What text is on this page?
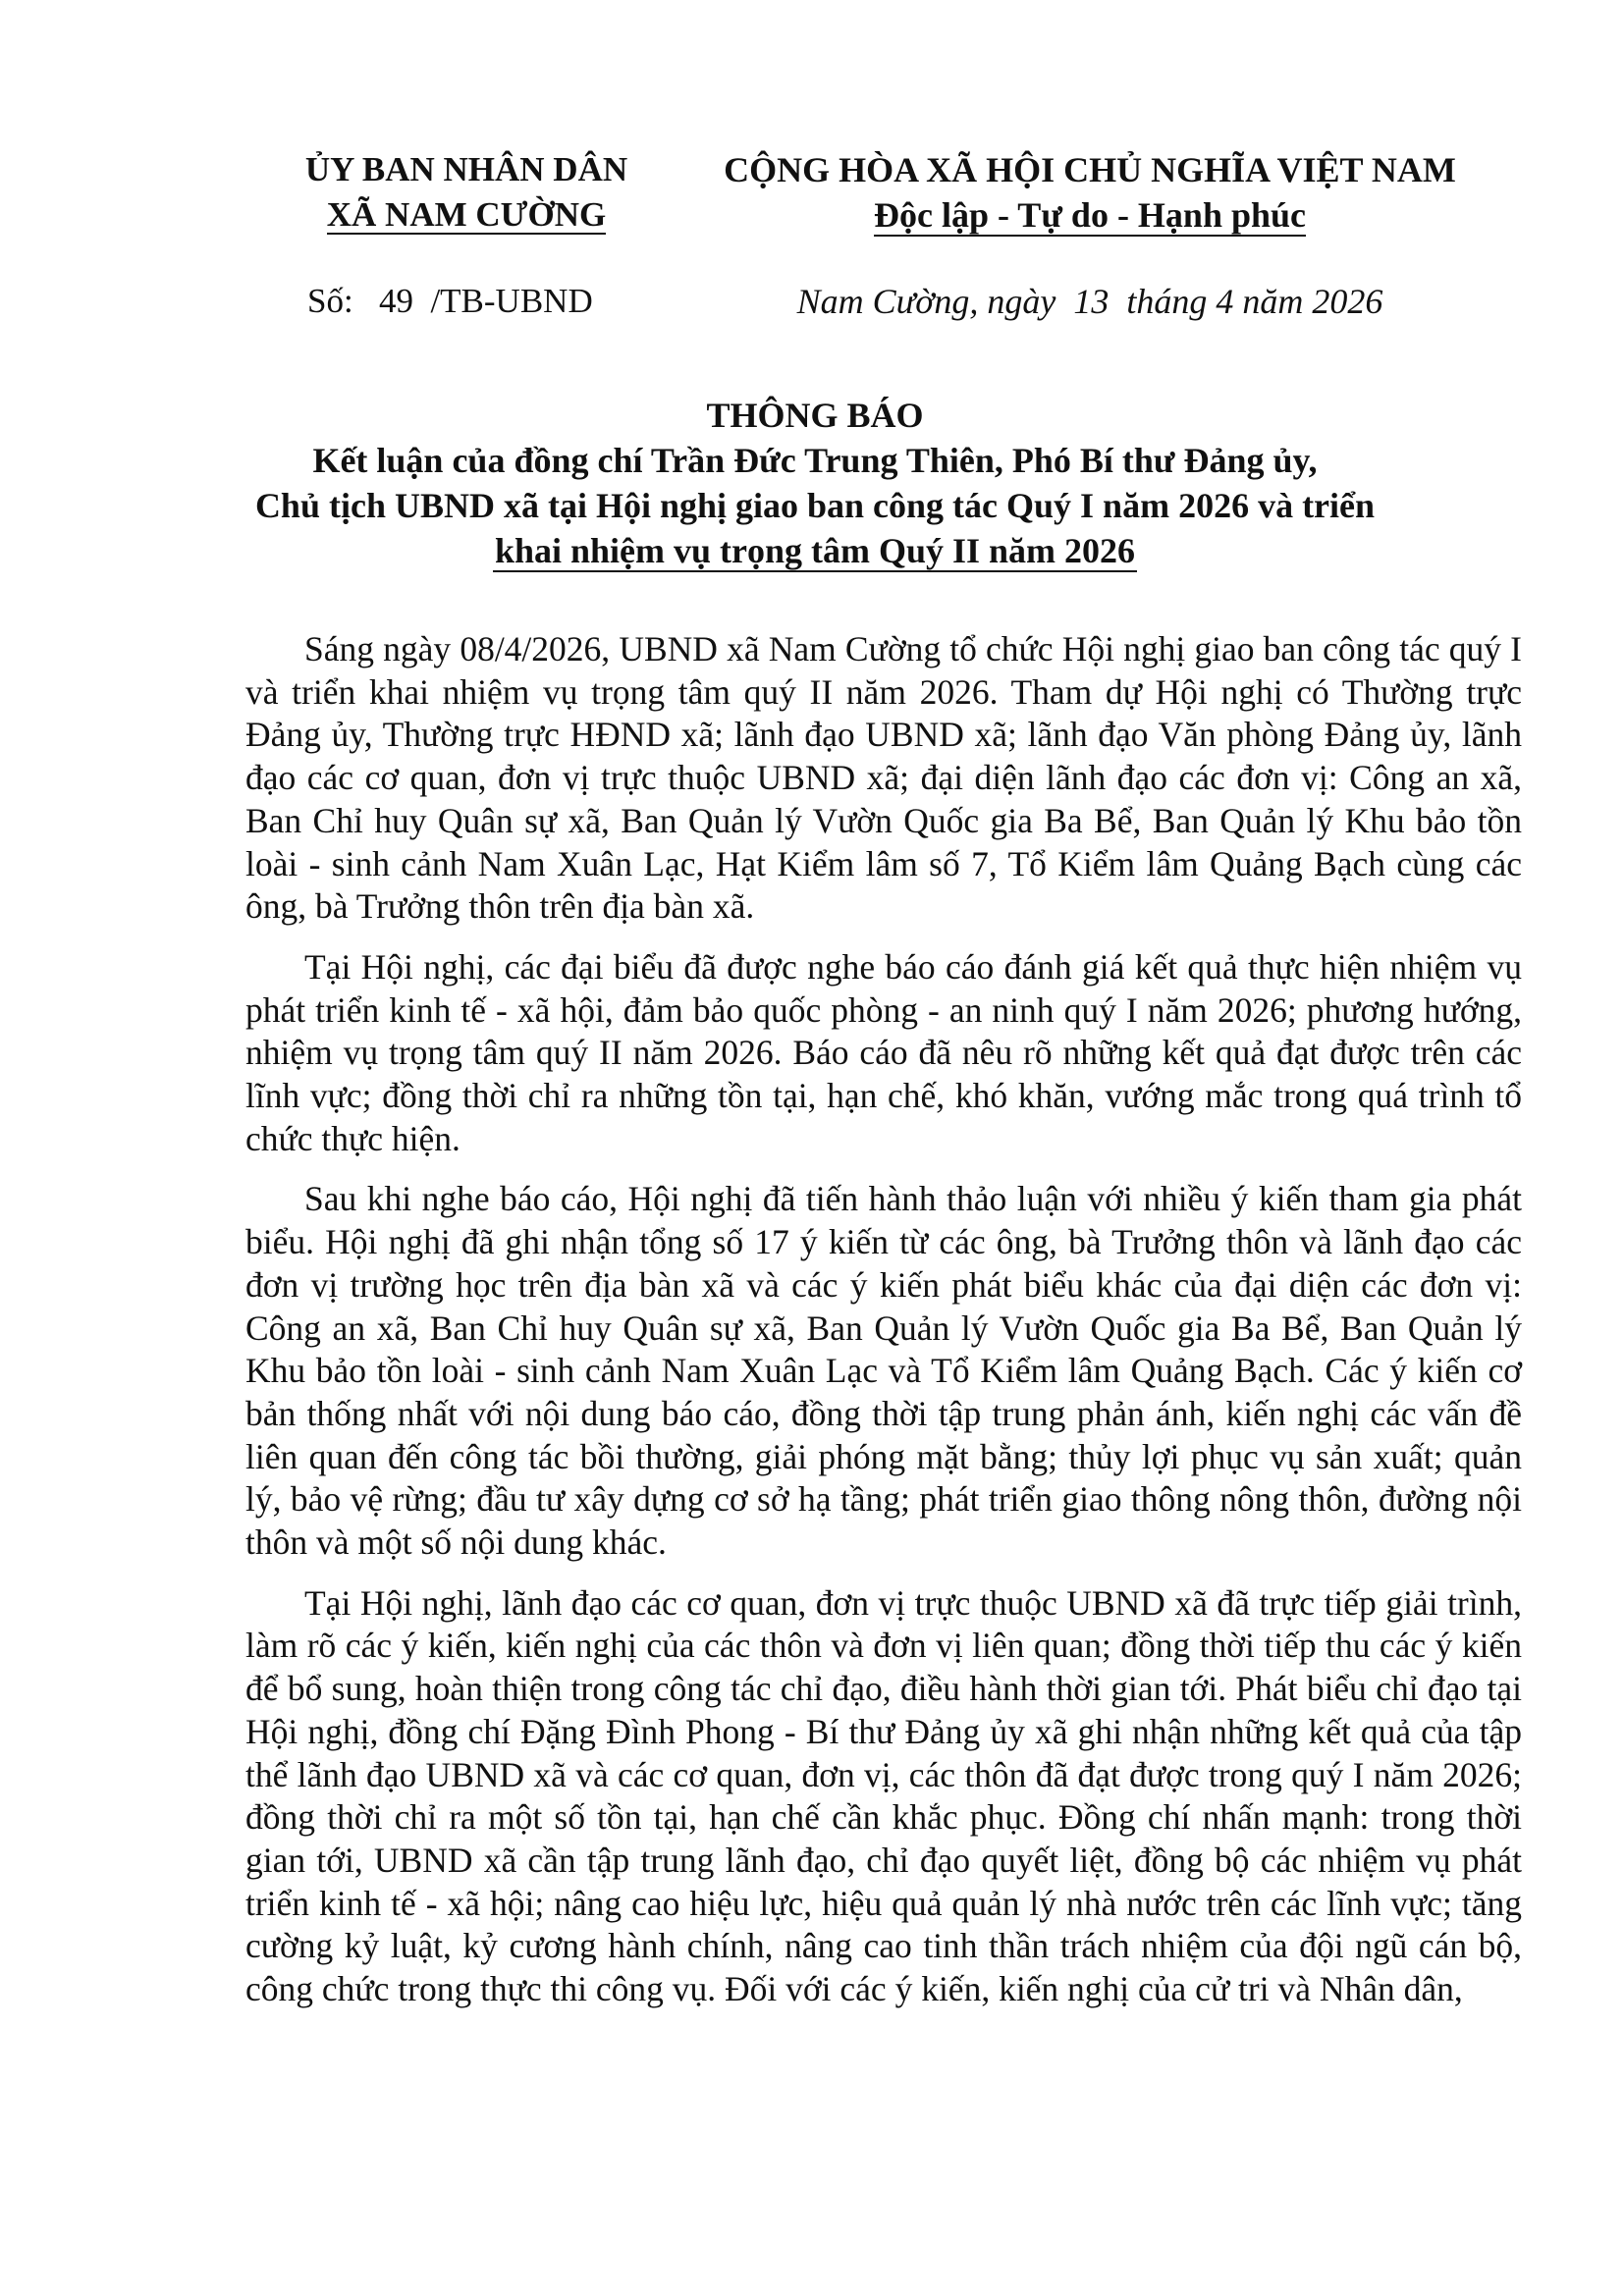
ỦY BAN NHÂN DÂN
XÃ NAM CƯỜNG
CỘNG HÒA XÃ HỘI CHỦ NGHĨA VIỆT NAM
Độc lập - Tự do - Hạnh phúc
Số:   49  /TB-UBND	Nam Cường, ngày  13  tháng 4 năm 2026
THÔNG BÁO
Kết luận của đồng chí Trần Đức Trung Thiên, Phó Bí thư Đảng ủy,
Chủ tịch UBND xã tại Hội nghị giao ban công tác Quý I năm 2026 và triển
khai nhiệm vụ trọng tâm Quý II năm 2026

Sáng ngày 08/4/2026, UBND xã Nam Cường tổ chức Hội nghị giao ban công tác quý I và triển khai nhiệm vụ trọng tâm quý II năm 2026. Tham dự Hội nghị có Thường trực Đảng ủy, Thường trực HĐND xã; lãnh đạo UBND xã; lãnh đạo Văn phòng Đảng ủy, lãnh đạo các cơ quan, đơn vị trực thuộc UBND xã; đại diện lãnh đạo các đơn vị: Công an xã, Ban Chỉ huy Quân sự xã, Ban Quản lý Vườn Quốc gia Ba Bể, Ban Quản lý Khu bảo tồn loài - sinh cảnh Nam Xuân Lạc, Hạt Kiểm lâm số 7, Tổ Kiểm lâm Quảng Bạch cùng các ông, bà Trưởng thôn trên địa bàn xã.

Tại Hội nghị, các đại biểu đã được nghe báo cáo đánh giá kết quả thực hiện nhiệm vụ phát triển kinh tế - xã hội, đảm bảo quốc phòng - an ninh quý I năm 2026; phương hướng, nhiệm vụ trọng tâm quý II năm 2026. Báo cáo đã nêu rõ những kết quả đạt được trên các lĩnh vực; đồng thời chỉ ra những tồn tại, hạn chế, khó khăn, vướng mắc trong quá trình tổ chức thực hiện.

Sau khi nghe báo cáo, Hội nghị đã tiến hành thảo luận với nhiều ý kiến tham gia phát biểu. Hội nghị đã ghi nhận tổng số 17 ý kiến từ các ông, bà Trưởng thôn và lãnh đạo các đơn vị trường học trên địa bàn xã và các ý kiến phát biểu khác của đại diện các đơn vị: Công an xã, Ban Chỉ huy Quân sự xã, Ban Quản lý Vườn Quốc gia Ba Bể, Ban Quản lý Khu bảo tồn loài - sinh cảnh Nam Xuân Lạc và Tổ Kiểm lâm Quảng Bạch. Các ý kiến cơ bản thống nhất với nội dung báo cáo, đồng thời tập trung phản ánh, kiến nghị các vấn đề liên quan đến công tác bồi thường, giải phóng mặt bằng; thủy lợi phục vụ sản xuất; quản lý, bảo vệ rừng; đầu tư xây dựng cơ sở hạ tầng; phát triển giao thông nông thôn, đường nội thôn và một số nội dung khác.

Tại Hội nghị, lãnh đạo các cơ quan, đơn vị trực thuộc UBND xã đã trực tiếp giải trình, làm rõ các ý kiến, kiến nghị của các thôn và đơn vị liên quan; đồng thời tiếp thu các ý kiến để bổ sung, hoàn thiện trong công tác chỉ đạo, điều hành thời gian tới. Phát biểu chỉ đạo tại Hội nghị, đồng chí Đặng Đình Phong - Bí thư Đảng ủy xã ghi nhận những kết quả của tập thể lãnh đạo UBND xã và các cơ quan, đơn vị, các thôn đã đạt được trong quý I năm 2026; đồng thời chỉ ra một số tồn tại, hạn chế cần khắc phục. Đồng chí nhấn mạnh: trong thời gian tới, UBND xã cần tập trung lãnh đạo, chỉ đạo quyết liệt, đồng bộ các nhiệm vụ phát triển kinh tế - xã hội; nâng cao hiệu lực, hiệu quả quản lý nhà nước trên các lĩnh vực; tăng cường kỷ luật, kỷ cương hành chính, nâng cao tinh thần trách nhiệm của đội ngũ cán bộ, công chức trong thực thi công vụ. Đối với các ý kiến, kiến nghị của cử tri và Nhân dân,
